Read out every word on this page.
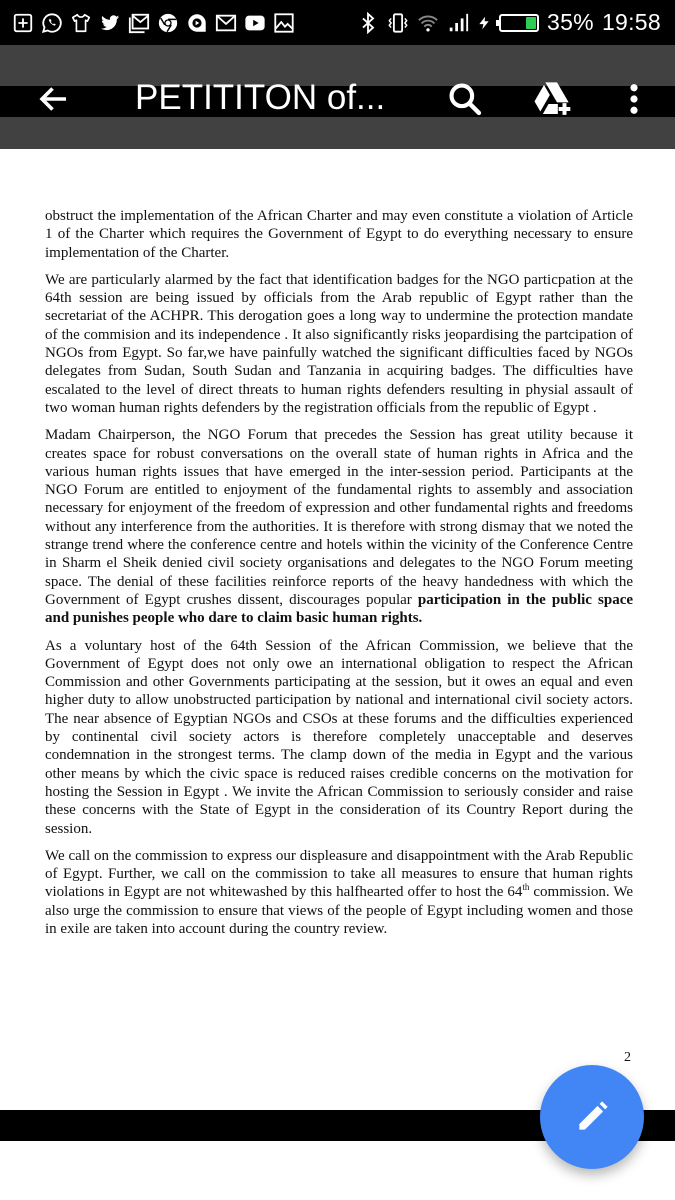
35% 19:58
PETITITON of...

obstruct the implementation of the African Charter and may even constitute a violation of Article 1 of the Charter which requires the Government of Egypt to do everything necessary to ensure implementation of the Charter.

We are particularly alarmed by the fact that identification badges for the NGO particpation at the 64th session are being issued by officials from the Arab republic of Egypt rather than the secretariat of the ACHPR. This derogation goes a long way to undermine the protection mandate of the commision and its independence . It also significantly risks jeopardising the partcipation of NGOs from Egypt. So far,we have painfully watched the significant difficulties faced by NGOs delegates from Sudan, South Sudan and Tanzania in acquiring badges. The difficulties have escalated to the level of direct threats to human rights defenders resulting in physial assault of two woman human rights defenders by the registration officials from the republic of Egypt .

Madam Chairperson, the NGO Forum that precedes the Session has great utility because it creates space for robust conversations on the overall state of human rights in Africa and the various human rights issues that have emerged in the inter-session period. Participants at the NGO Forum are entitled to enjoyment of the fundamental rights to assembly and association necessary for enjoyment of the freedom of expression and other fundamental rights and freedoms without any interference from the authorities. It is therefore with strong dismay that we noted the strange trend where the conference centre and hotels within the vicinity of the Conference Centre in Sharm el Sheik denied civil society organisations and delegates to the NGO Forum meeting space. The denial of these facilities reinforce reports of the heavy handedness with which the Government of Egypt crushes dissent, discourages popular participation in the public space and punishes people who dare to claim basic human rights.

As a voluntary host of the 64th Session of the African Commission, we believe that the Government of Egypt does not only owe an international obligation to respect the African Commission and other Governments participating at the session, but it owes an equal and even higher duty to allow unobstructed participation by national and international civil society actors. The near absence of Egyptian NGOs and CSOs at these forums and the difficulties experienced by continental civil society actors is therefore completely unacceptable and deserves condemnation in the strongest terms. The clamp down of the media in Egypt and the various other means by which the civic space is reduced raises credible concerns on the motivation for hosting the Session in Egypt . We invite the African Commission to seriously consider and raise these concerns with the State of Egypt in the consideration of its Country Report during the session.

We call on the commission to express our displeasure and disappointment with the Arab Republic of Egypt. Further, we call on the commission to take all measures to ensure that human rights violations in Egypt are not whitewashed by this halfhearted offer to host the 64th commission. We also urge the commission to ensure that views of the people of Egypt including women and those in exile are taken into account during the country review.

2
